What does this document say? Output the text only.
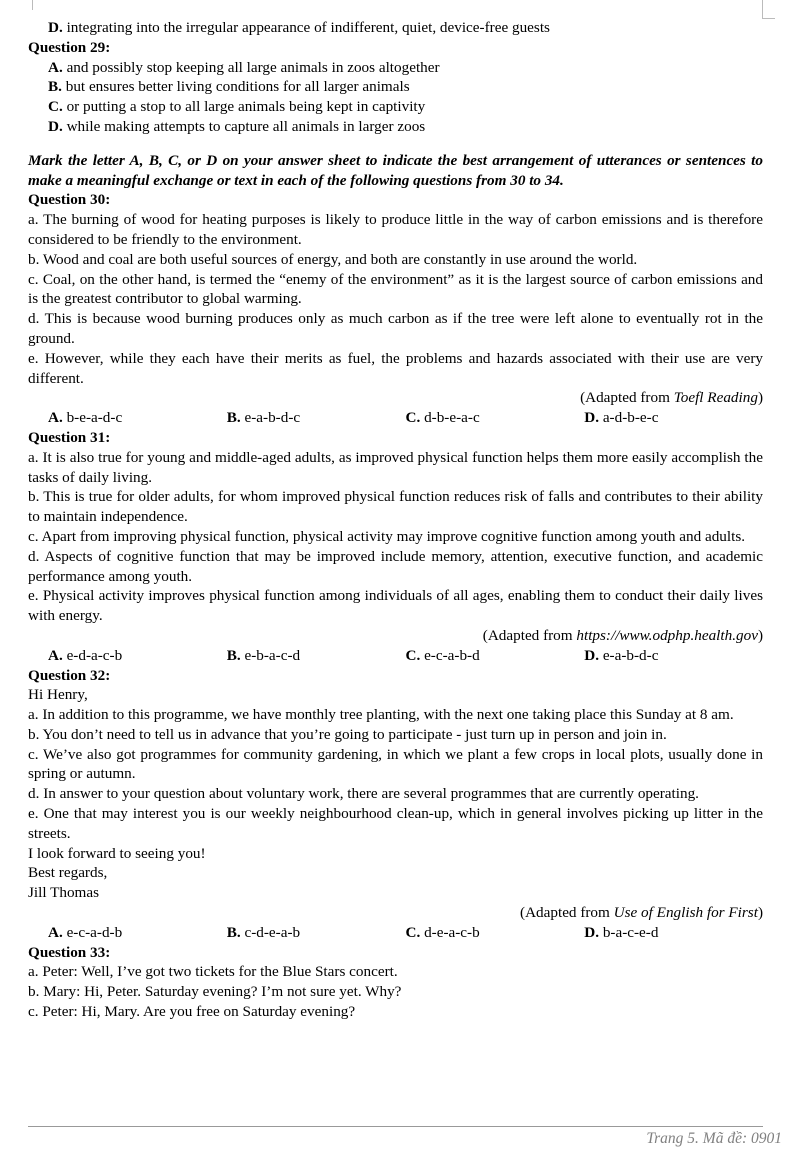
D. integrating into the irregular appearance of indifferent, quiet, device-free guests
Question 29:
A. and possibly stop keeping all large animals in zoos altogether
B. but ensures better living conditions for all larger animals
C. or putting a stop to all large animals being kept in captivity
D. while making attempts to capture all animals in larger zoos
Mark the letter A, B, C, or D on your answer sheet to indicate the best arrangement of utterances or sentences to make a meaningful exchange or text in each of the following questions from 30 to 34.
Question 30:
a. The burning of wood for heating purposes is likely to produce little in the way of carbon emissions and is therefore considered to be friendly to the environment.
b. Wood and coal are both useful sources of energy, and both are constantly in use around the world.
c. Coal, on the other hand, is termed the “enemy of the environment” as it is the largest source of carbon emissions and is the greatest contributor to global warming.
d. This is because wood burning produces only as much carbon as if the tree were left alone to eventually rot in the ground.
e. However, while they each have their merits as fuel, the problems and hazards associated with their use are very different.
(Adapted from Toefl Reading)
A. b-e-a-d-c	B. e-a-b-d-c	C. d-b-e-a-c	D. a-d-b-e-c
Question 31:
a. It is also true for young and middle-aged adults, as improved physical function helps them more easily accomplish the tasks of daily living.
b. This is true for older adults, for whom improved physical function reduces risk of falls and contributes to their ability to maintain independence.
c. Apart from improving physical function, physical activity may improve cognitive function among youth and adults.
d. Aspects of cognitive function that may be improved include memory, attention, executive function, and academic performance among youth.
e. Physical activity improves physical function among individuals of all ages, enabling them to conduct their daily lives with energy.
(Adapted from https://www.odphp.health.gov)
A. e-d-a-c-b	B. e-b-a-c-d	C. e-c-a-b-d	D. e-a-b-d-c
Question 32:
Hi Henry,
a. In addition to this programme, we have monthly tree planting, with the next one taking place this Sunday at 8 am.
b. You don’t need to tell us in advance that you’re going to participate - just turn up in person and join in.
c. We’ve also got programmes for community gardening, in which we plant a few crops in local plots, usually done in spring or autumn.
d. In answer to your question about voluntary work, there are several programmes that are currently operating.
e. One that may interest you is our weekly neighbourhood clean-up, which in general involves picking up litter in the streets.
I look forward to seeing you!
Best regards,
Jill Thomas
(Adapted from Use of English for First)
A. e-c-a-d-b	B. c-d-e-a-b	C. d-e-a-c-b	D. b-a-c-e-d
Question 33:
a. Peter: Well, I’ve got two tickets for the Blue Stars concert.
b. Mary: Hi, Peter. Saturday evening? I’m not sure yet. Why?
c. Peter: Hi, Mary. Are you free on Saturday evening?
Trang 5. Mã đề: 0901
